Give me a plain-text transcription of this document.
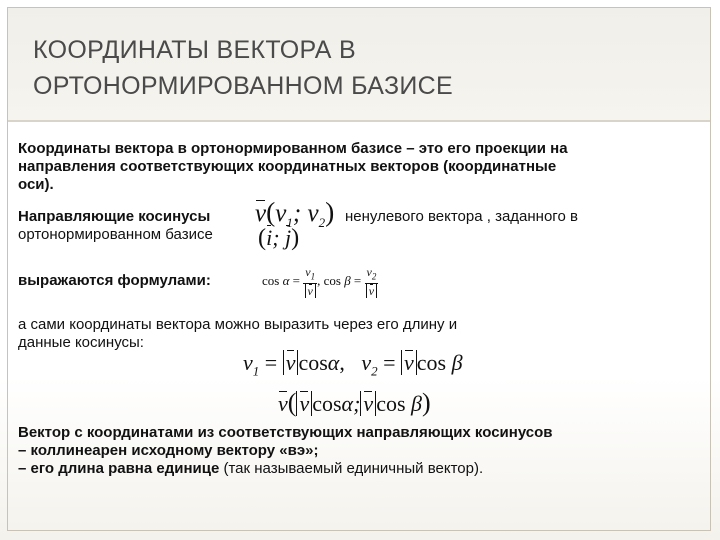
КООРДИНАТЫ ВЕКТОРА В
ОРТОНОРМИРОВАННОМ БАЗИСЕ
Координаты вектора в ортонормированном базисе – это его проекции на
направления соответствующих координатных векторов (координатные
оси).
Направляющие косинусы	$v(v_1$; $v_2$) ненулевого вектора , заданного в
ортонормированном базисе	(i; j)
выражаются формулами:	$\cos \alpha = \frac{v_1}{v}$ , $\cos \beta = \frac{v_2}{v}$
а сами координаты вектора можно выразить через его длину и
данные косинусы:
$v_1 = v$ cosα, $v_2 = v$ cos β
v( v cosα; v cos β)
Вектор с координатами из соответствующих направляющих косинусов
– коллинеарен исходному вектору «вэ»;
– его длина равна единице (так называемый единичный вектор).
